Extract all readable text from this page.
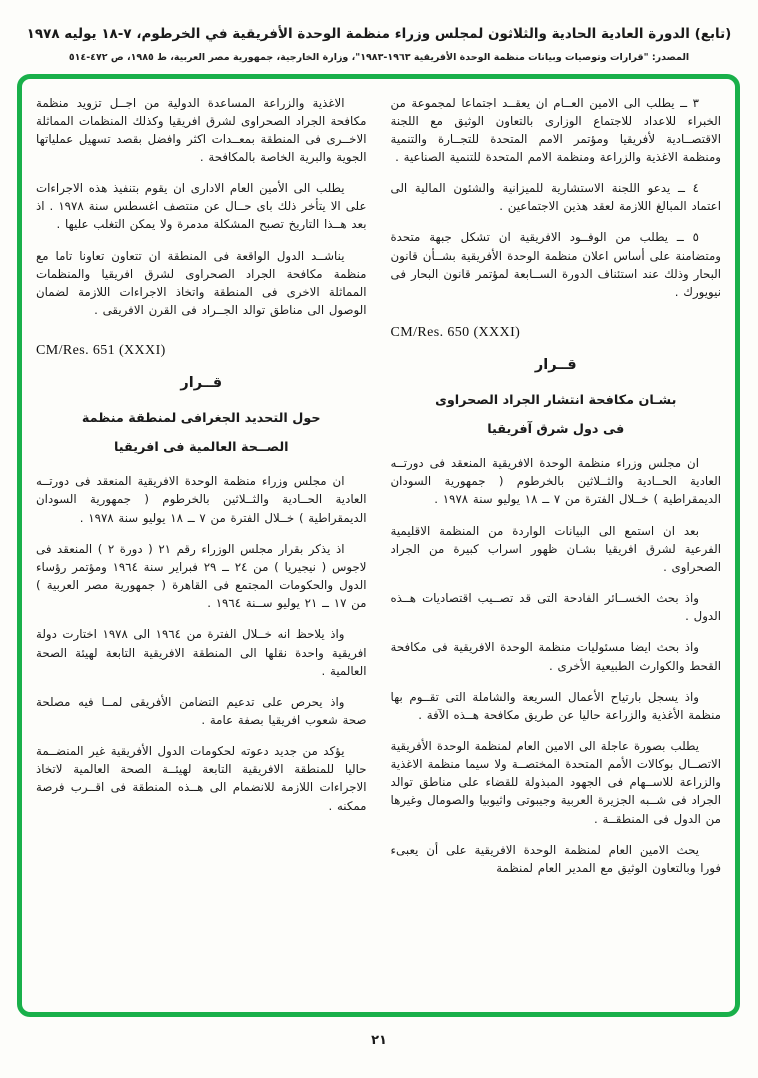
(تابع) الدورة العادية الحادية والثلاثون لمجلس وزراء منظمة الوحدة الأفريقية في الخرطوم، ٧-١٨ يوليه ١٩٧٨
المصدر: "قرارات وتوصيات وبيانات منظمة الوحدة الأفريقية ١٩٦٣-١٩٨٣"، وزارة الخارجية، جمهورية مصر العربية، ط ١٩٨٥، ص ٤٧٢-٥١٤

٣ ــ يطلب الى الامين العــام ان يعقــد اجتماعا لمجموعة من الخبراء للاعداد للاجتماع الوزارى بالتعاون الوثيق مع اللجنة الاقتصــادية لأفريقيا ومؤتمر الامم المتحدة للتجــارة والتنمية ومنظمة الاغذية والزراعة ومنظمة الامم المتحدة للتنمية الصناعية .

٤ ــ يدعو اللجنة الاستشارية للميزانية والشئون المالية الى اعتماد المبالغ اللازمة لعقد هذين الاجتماعين .

٥ ــ يطلب من الوفــود الافريقية ان تشكل جبهة متحدة ومتضامنة على أساس اعلان منظمة الوحدة الأفريقية بشــأن قانون البحار وذلك عند استئناف الدورة الســابعة لمؤتمر قانون البحار فى نيويورك .

CM/Res. 650 (XXXI)
قــرار
بشـان مكافحة انتشار الجراد الصحراوى
فى دول شرق آفريقيا

ان مجلس وزراء منظمة الوحدة الافريقية المنعقد فى دورتــه العادية الحــادية والثــلاثين بالخرطوم ( جمهورية السودان الديمقراطية ) خــلال الفترة من ٧ ــ ١٨ يوليو سنة ١٩٧٨ .

بعد ان استمع الى البيانات الواردة من المنظمة الاقليمية الفرعية لشرق افريقيا بشـان ظهور اسراب كبيرة من الجراد الصحراوى .

واذ بحث الخســائر الفادحة التى قد تصــيب اقتصاديات هــذه الدول .

واذ بحث ايضا مسئوليات منظمة الوحدة الافريقية فى مكافحة القحط والكوارث الطبيعية الأخرى .

واذ يسجل بارتياح الأعمال السريعة والشاملة التى تقــوم بها منظمة الأغذية والزراعة حاليا عن طريق مكافحة هــذه الآفة .

يطلب بصورة عاجلة الى الامين العام لمنظمة الوحدة الأفريقية الاتصــال بوكالات الأمم المتحدة المختصــة ولا سيما منظمة الاغذية والزراعة للاســهام فى الجهود المبذولة للقضاء على مناطق توالد الجراد فى شــبه الجزيرة العربية وجيبوتى واثيوبيا والصومال وغيرها من الدول فى المنطقــة .

يحث الامين العام لمنظمة الوحدة الافريقية على أن يعبىء فورا وبالتعاون الوثيق مع المدير العام لمنظمة

الاغذية والزراعة المساعدة الدولية من اجــل تزويد منظمة مكافحة الجراد الصحراوى لشرق افريقيا وكذلك المنظمات المماثلة الاخــرى فى المنطقة بمعــدات اكثر وافضل بقصد تسهيل عملياتها الجوية والبرية الخاصة بالمكافحة .

يطلب الى الأمين العام الادارى ان يقوم بتنفيذ هذه الاجراءات على الا يتأخر ذلك باى حــال عن منتصف اغسطس سنة ١٩٧٨ . اذ بعد هــذا التاريخ تصبح المشكلة مدمرة ولا يمكن التغلب عليها .

يناشــد الدول الواقعة فى المنطقة ان تتعاون تعاونا تاما مع منظمة مكافحة الجراد الصحراوى لشرق افريقيا والمنظمات المماثلة الاخرى فى المنطقة واتخاذ الاجراءات اللازمة لضمان الوصول الى مناطق توالد الجــراد فى القرن الافريقى .

CM/Res. 651 (XXXI)
قــرار
حول التحديد الجغرافى لمنطقة منظمة
الصــحة العالمية فى افريقيا

ان مجلس وزراء منظمة الوحدة الافريقية المنعقد فى دورتــه العادية الحــادية والثــلاثين بالخرطوم ( جمهورية السودان الديمقراطية ) خــلال الفترة من ٧ ــ ١٨ يوليو سنة ١٩٧٨ .

اذ يذكر بقرار مجلس الوزراء رقم ٢١ ( دورة ٢ ) المنعقد فى لاجوس ( نيجيريا ) من ٢٤ ــ ٢٩ فبراير سنة ١٩٦٤ ومؤتمر رؤساء الدول والحكومات المجتمع فى القاهرة ( جمهورية مصر العربية ) من ١٧ ــ ٢١ يوليو ســنة ١٩٦٤ .

واذ يلاحظ انه خــلال الفترة من ١٩٦٤ الى ١٩٧٨ اختارت دولة افريقية واحدة نقلها الى المنطقة الافريقية التابعة لهيئة الصحة العالمية .

واذ يحرص على تدعيم التضامن الأفريقى لمــا فيه مصلحة صحة شعوب افريقيا بصفة عامة .

يؤكد من جديد دعوته لحكومات الدول الأفريقية غير المنضــمة حاليا للمنطقة الافريقية التابعة لهيئــة الصحة العالمية لاتخاذ الاجراءات اللازمة للانضمام الى هــذه المنطقة فى اقــرب فرصة ممكنه .

٢١
